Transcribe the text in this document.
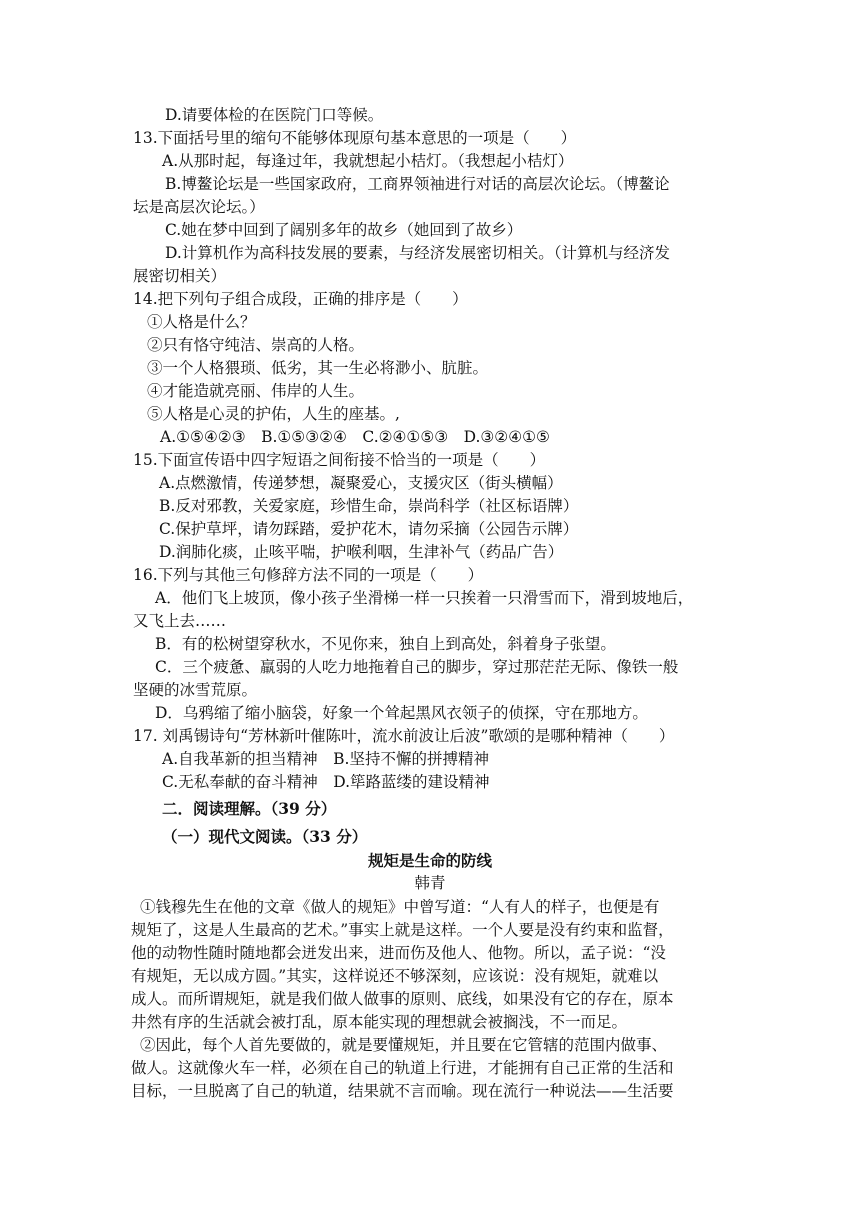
D.请要体检的在医院门口等候。
13.下面括号里的缩句不能够体现原句基本意思的一项是（　　）
A.从那时起，每逢过年，我就想起小桔灯。（我想起小桔灯）
B.博鳌论坛是一些国家政府，工商界领袖进行对话的高层次论坛。（博鳌论
坛是高层次论坛。）
C.她在梦中回到了阔别多年的故乡（她回到了故乡）
D.计算机作为高科技发展的要素，与经济发展密切相关。（计算机与经济发
展密切相关）
14.把下列句子组合成段，正确的排序是（　　）
①人格是什么？
②只有恪守纯洁、崇高的人格。
③一个人格猥琐、低劣，其一生必将渺小、肮脏。
④才能造就亮丽、伟岸的人生。
⑤人格是心灵的护佑，人生的座基。,
A.①⑤④②③　B.①⑤③②④　C.②④①⑤③　D.③②④①⑤
15.下面宣传语中四字短语之间衔接不恰当的一项是（　　）
A.点燃激情，传递梦想，凝聚爱心，支援灾区（街头横幅）
B.反对邪教，关爱家庭，珍惜生命，崇尚科学（社区标语牌）
C.保护草坪，请勿踩踏，爱护花木，请勿采摘（公园告示牌）
D.润肺化痰，止咳平喘，护喉利咽，生津补气（药品广告）
16.下列与其他三句修辞方法不同的一项是（　　）
A．他们飞上坡顶，像小孩子坐滑梯一样一只挨着一只滑雪而下，滑到坡地后，
又飞上去……
B．有的松树望穿秋水，不见你来，独自上到高处，斜着身子张望。
C．三个疲惫、羸弱的人吃力地拖着自己的脚步，穿过那茫茫无际、像铁一般
坚硬的冰雪荒原。
D．乌鸦缩了缩小脑袋，好象一个耸起黑风衣领子的侦探，守在那地方。
17. 刘禹锡诗句“芳林新叶催陈叶，流水前波让后波”歌颂的是哪种精神（　　）
A.自我革新的担当精神　B.坚持不懈的拼搏精神
C.无私奉献的奋斗精神　D.筚路蓝缕的建设精神
二．阅读理解。（39 分）
（一）现代文阅读。（33 分）
规矩是生命的防线
韩青
①钱穆先生在他的文章《做人的规矩》中曾写道：“人有人的样子，也便是有
规矩了，这是人生最高的艺术。”事实上就是这样。一个人要是没有约束和监督，
他的动物性随时随地都会迸发出来，进而伤及他人、他物。所以，孟子说：“没
有规矩，无以成方圆。”其实，这样说还不够深刻，应该说：没有规矩，就难以
成人。而所谓规矩，就是我们做人做事的原则、底线，如果没有它的存在，原本
井然有序的生活就会被打乱，原本能实现的理想就会被搁浅，不一而足。
②因此，每个人首先要做的，就是要懂规矩，并且要在它管辖的范围内做事、
做人。这就像火车一样，必须在自己的轨道上行进，才能拥有自己正常的生活和
目标，一旦脱离了自己的轨道，结果就不言而喻。现在流行一种说法——生活要
